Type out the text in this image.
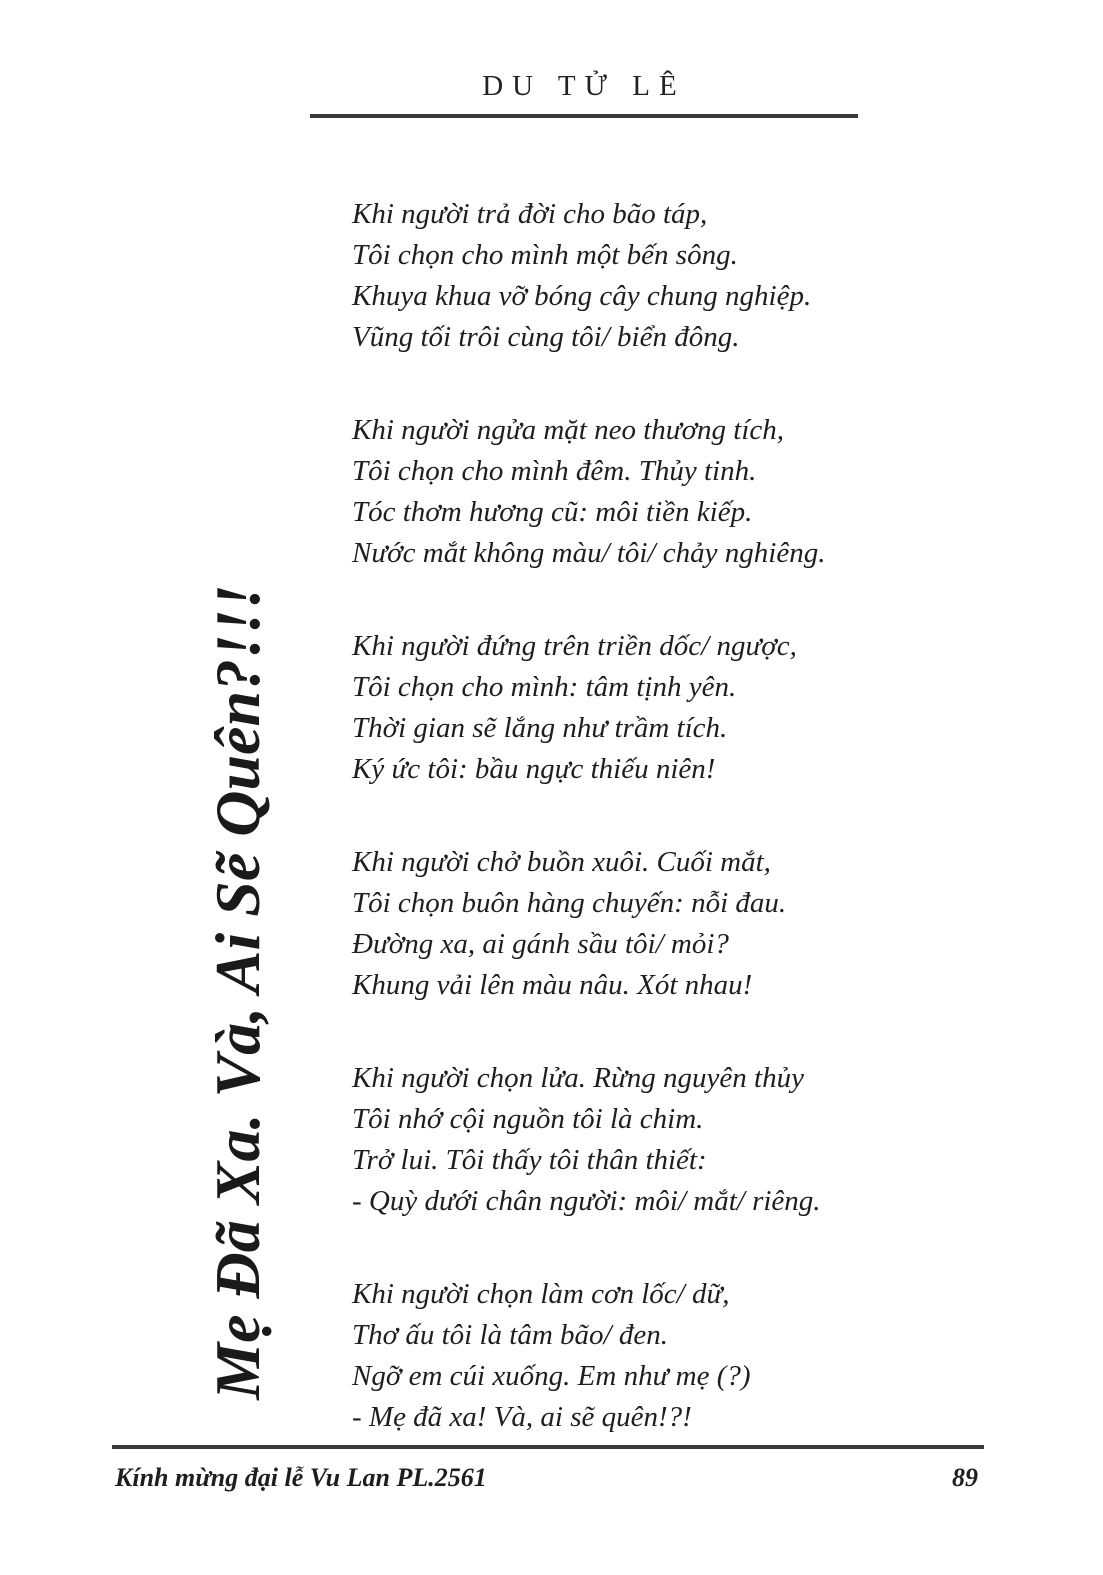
DU TỬ LÊ
Mẹ Đã Xa. Và, Ai Sẽ Quên?!!!
Khi người trả đời cho bão táp,
Tôi chọn cho mình một bến sông.
Khuya khua vỡ bóng cây chung nghiệp.
Vũng tối trôi cùng tôi/ biển đông.
Khi người ngửa mặt neo thương tích,
Tôi chọn cho mình đêm. Thủy tinh.
Tóc thơm hương cũ: môi tiền kiếp.
Nước mắt không màu/ tôi/ chảy nghiêng.
Khi người đứng trên triền dốc/ ngược,
Tôi chọn cho mình: tâm tịnh yên.
Thời gian sẽ lắng như trầm tích.
Ký ức tôi: bầu ngực thiếu niên!
Khi người chở buồn xuôi. Cuối mắt,
Tôi chọn buôn hàng chuyến: nỗi đau.
Đường xa, ai gánh sầu tôi/ mỏi?
Khung vải lên màu nâu. Xót nhau!
Khi người chọn lửa. Rừng nguyên thủy
Tôi nhớ cội nguồn tôi là chim.
Trở lui. Tôi thấy tôi thân thiết:
- Quỳ dưới chân người: môi/ mắt/ riêng.
Khi người chọn làm cơn lốc/ dữ,
Thơ ấu tôi là tâm bão/ đen.
Ngỡ em cúi xuống. Em như mẹ (?)
- Mẹ đã xa! Và, ai sẽ quên!?!
Kính mừng đại lễ Vu Lan PL.2561	89
